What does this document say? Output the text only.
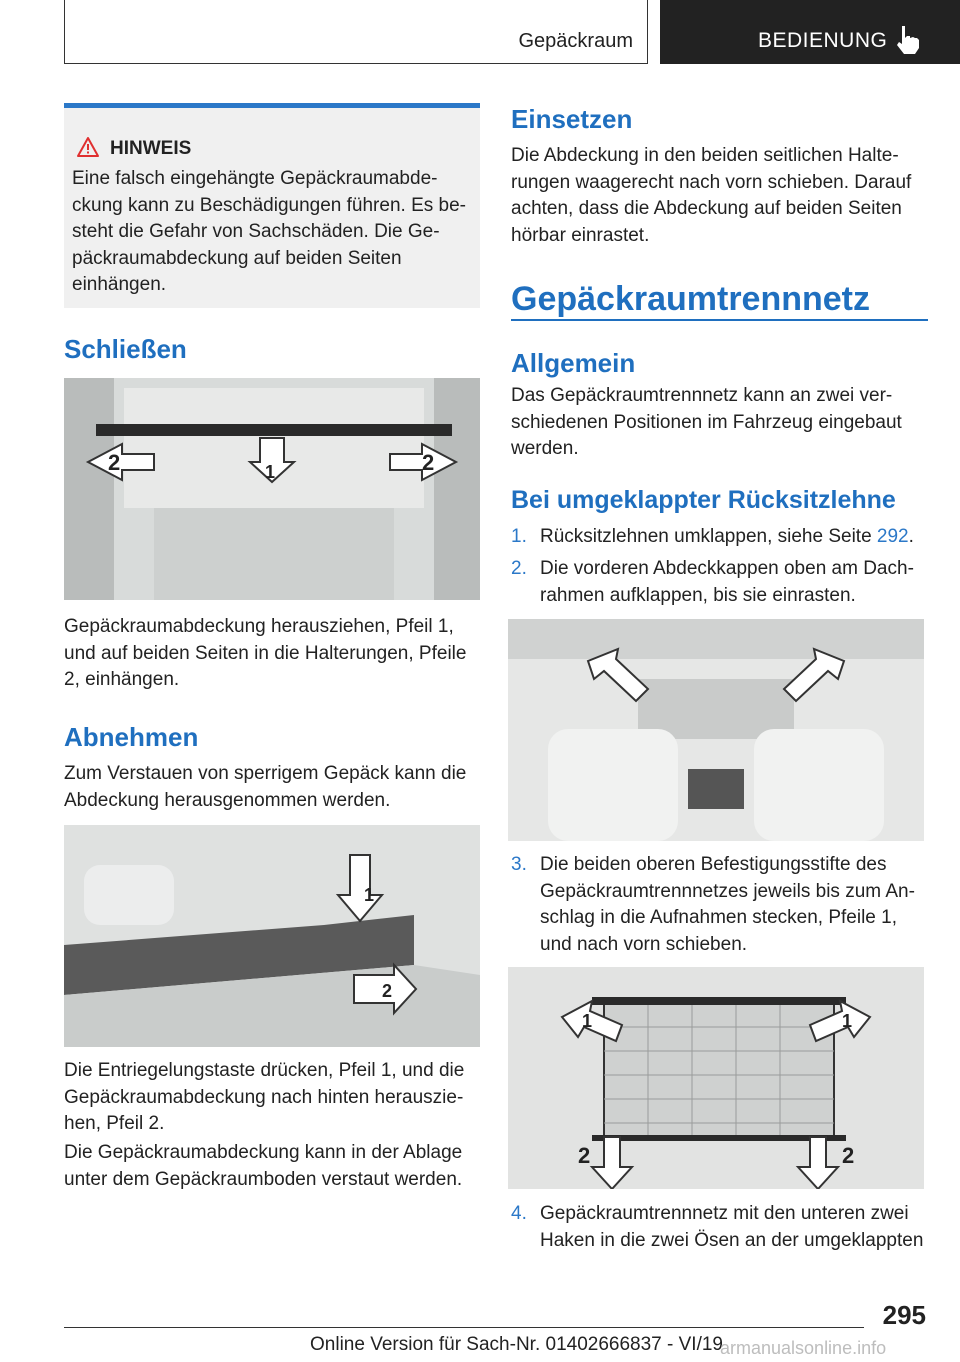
Gepäckraum	BEDIENUNG
HINWEIS
Eine falsch eingehängte Gepäckraumabdeckung kann zu Beschädigungen führen. Es besteht die Gefahr von Sachschäden. Die Gepäckraumabdeckung auf beiden Seiten einhängen.
Schließen
2	1	2
Gepäckraumabdeckung herausziehen, Pfeil 1, und auf beiden Seiten in die Halterungen, Pfeile 2, einhängen.
Abnehmen
Zum Verstauen von sperrigem Gepäck kann die Abdeckung herausgenommen werden.
1
2
Die Entriegelungstaste drücken, Pfeil 1, und die Gepäckraumabdeckung nach hinten herausziehen, Pfeil 2.
Die Gepäckraumabdeckung kann in der Ablage unter dem Gepäckraumboden verstaut werden.
Einsetzen
Die Abdeckung in den beiden seitlichen Halterungen waagerecht nach vorn schieben. Darauf achten, dass die Abdeckung auf beiden Seiten hörbar einrastet.
Gepäckraumtrennnetz
Allgemein
Das Gepäckraumtrennnetz kann an zwei verschiedenen Positionen im Fahrzeug eingebaut werden.
Bei umgeklappter Rücksitzlehne
1. Rücksitzlehnen umklappen, siehe Seite 292.
2. Die vorderen Abdeckkappen oben am Dachrahmen aufklappen, bis sie einrasten.
3. Die beiden oberen Befestigungsstifte des Gepäckraumtrennnetzes jeweils bis zum Anschlag in die Aufnahmen stecken, Pfeile 1, und nach vorn schieben.
1	1
2	2
4. Gepäckraumtrennnetz mit den unteren zwei Haken in die zwei Ösen an der umgeklappten
295
Online Version für Sach-Nr. 01402666837 - VI/19
armanualsonline.info
